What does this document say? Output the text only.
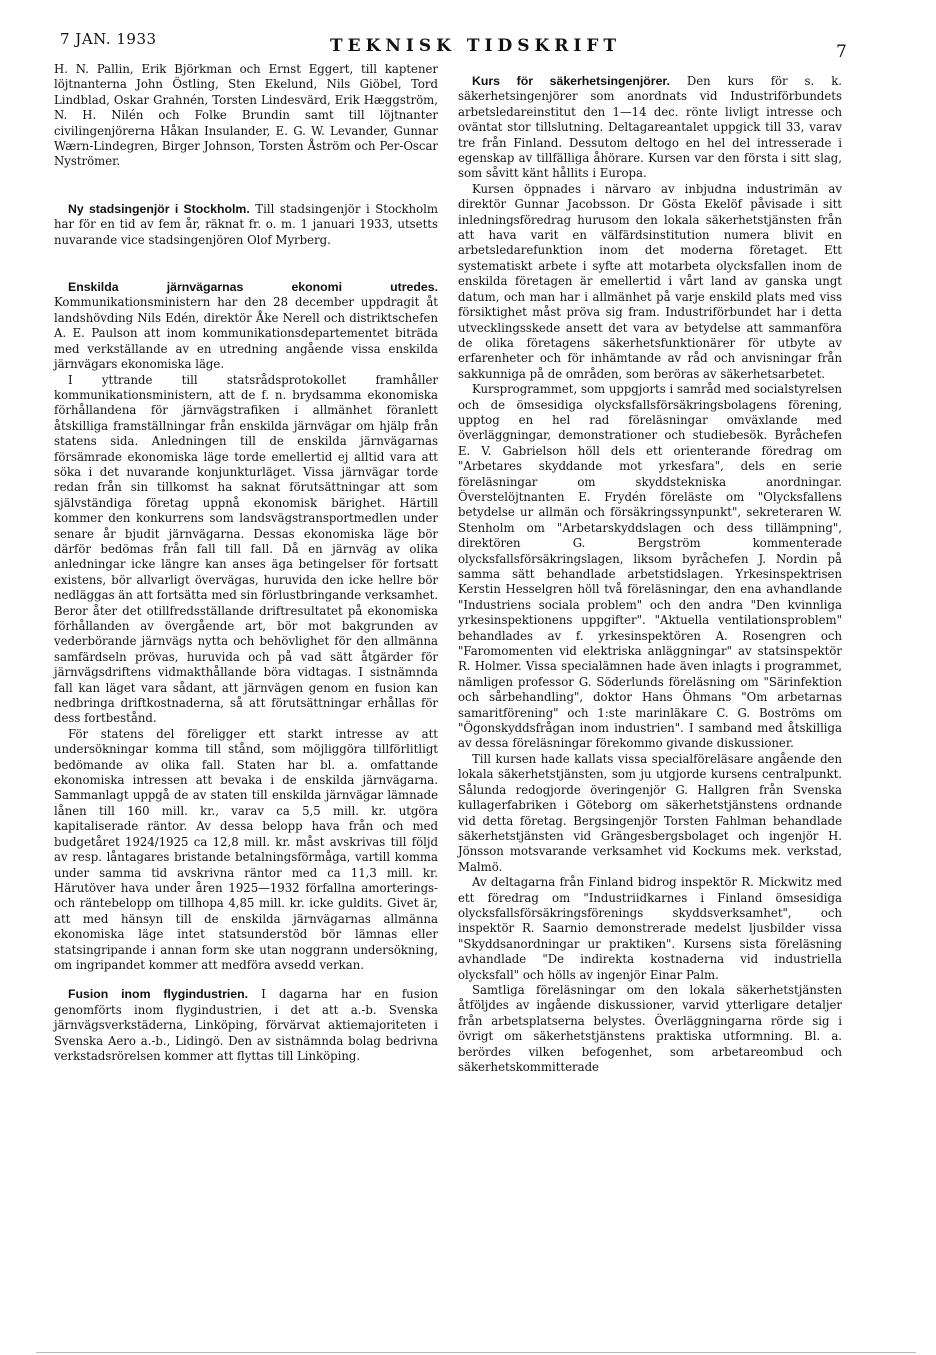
7 JAN. 1933	TEKNISK TIDSKRIFT	7

H. N. Pallin, Erik Björkman och Ernst Eggert, till kaptener löjtnanterna John Östling, Sten Ekelund, Nils Giöbel, Tord Lindblad, Oskar Grahnén, Torsten Lindesvärd, Erik Hæggström, N. H. Nilén och Folke Brundin samt till löjtnanter civilingenjörerna Håkan Insulander, E. G. W. Levander, Gunnar Wærn-Lindegren, Birger Johnson, Torsten Åström och Per-Oscar Nyströmer.

Ny stadsingenjör i Stockholm. Till stadsingenjör i Stockholm har för en tid av fem år, räknat fr. o. m. 1 januari 1933, utsetts nuvarande vice stadsingenjören Olof Myrberg.

Enskilda järnvägarnas ekonomi utredes. Kommunikationsministern har den 28 december uppdragit åt landshövding Nils Edén, direktör Åke Nerell och distriktschefen A. E. Paulson att inom kommunikationsdepartementet biträda med verkställande av en utredning angående vissa enskilda järnvägars ekonomiska läge.

I yttrande till statsrådsprotokollet framhåller kommunikationsministern, att de f. n. brydsamma ekonomiska förhållandena för järnvägstrafiken i allmänhet föranlett åtskilliga framställningar från enskilda järnvägar om hjälp från statens sida. Anledningen till de enskilda järnvägarnas försämrade ekonomiska läge torde emellertid ej alltid vara att söka i det nuvarande konjunkturläget. Vissa järnvägar torde redan från sin tillkomst ha saknat förutsättningar att som självständiga företag uppnå ekonomisk bärighet. Härtill kommer den konkurrens som landsvägstransportmedlen under senare år bjudit järnvägarna. Dessas ekonomiska läge bör därför bedömas från fall till fall. Då en järnväg av olika anledningar icke längre kan anses äga betingelser för fortsatt existens, bör allvarligt övervägas, huruvida den icke hellre bör nedläggas än att fortsätta med sin förlustbringande verksamhet. Beror åter det otillfredsställande driftresultatet på ekonomiska förhållanden av övergående art, bör mot bakgrunden av vederbörande järnvägs nytta och behövlighet för den allmänna samfärdseln prövas, huruvida och på vad sätt åtgärder för järnvägsdriftens vidmakthållande böra vidtagas. I sistnämnda fall kan läget vara sådant, att järnvägen genom en fusion kan nedbringa driftkostnaderna, så att förutsättningar erhållas för dess fortbestånd.

För statens del föreligger ett starkt intresse av att undersökningar komma till stånd, som möjliggöra tillförlitligt bedömande av olika fall. Staten har bl. a. omfattande ekonomiska intressen att bevaka i de enskilda järnvägarna. Sammanlagt uppgå de av staten till enskilda järnvägar lämnade lånen till 160 mill. kr., varav ca 5,5 mill. kr. utgöra kapitaliserade räntor. Av dessa belopp hava från och med budgetåret 1924/1925 ca 12,8 mill. kr. måst avskrivas till följd av resp. låntagares bristande betalningsförmåga, vartill komma under samma tid avskrivna räntor med ca 11,3 mill. kr. Härutöver hava under åren 1925—1932 förfallna amorterings- och räntebelopp om tillhopa 4,85 mill. kr. icke guldits. Givet är, att med hänsyn till de enskilda järnvägarnas allmänna ekonomiska läge intet statsunderstöd bör lämnas eller statsingripande i annan form ske utan noggrann undersökning, om ingripandet kommer att medföra avsedd verkan.

Fusion inom flygindustrien. I dagarna har en fusion genomförts inom flygindustrien, i det att a.-b. Svenska järnvägsverkstäderna, Linköping, förvärvat aktiemajoriteten i Svenska Aero a.-b., Lidingö. Den av sistnämnda bolag bedrivna verkstadsrörelsen kommer att flyttas till Linköping.

Kurs för säkerhetsingenjörer. Den kurs för s. k. säkerhetsingenjörer som anordnats vid Industriförbundets arbetsledareinstitut den 1—14 dec. rönte livligt intresse och oväntat stor tillslutning. Deltagareantalet uppgick till 33, varav tre från Finland. Dessutom deltogo en hel del intresserade i egenskap av tillfälliga åhörare. Kursen var den första i sitt slag, som såvitt känt hållits i Europa.

Kursen öppnades i närvaro av inbjudna industrimän av direktör Gunnar Jacobsson. Dr Gösta Ekelöf påvisade i sitt inledningsföredrag hurusom den lokala säkerhetstjänsten från att hava varit en välfärdsinstitution numera blivit en arbetsledarefunktion inom det moderna företaget. Ett systematiskt arbete i syfte att motarbeta olycksfallen inom de enskilda företagen är emellertid i vårt land av ganska ungt datum, och man har i allmänhet på varje enskild plats med viss försiktighet måst pröva sig fram. Industriförbundet har i detta utvecklingsskede ansett det vara av betydelse att sammanföra de olika företagens säkerhetsfunktionärer för utbyte av erfarenheter och för inhämtande av råd och anvisningar från sakkunniga på de områden, som beröras av säkerhetsarbetet.

Kursprogrammet, som uppgjorts i samråd med socialstyrelsen och de ömsesidiga olycksfallsförsäkringsbolagens förening, upptog en hel rad föreläsningar omväxlande med överläggningar, demonstrationer och studiebesök. Byråchefen E. V. Gabrielson höll dels ett orienterande föredrag om "Arbetares skyddande mot yrkesfara", dels en serie föreläsningar om skyddstekniska anordningar. Överstelöjtnanten E. Frydén föreläste om "Olycksfallens betydelse ur allmän och försäkringssynpunkt", sekreteraren W. Stenholm om "Arbetarskyddslagen och dess tillämpning", direktören G. Bergström kommenterade olycksfallsförsäkringslagen, liksom byråchefen J. Nordin på samma sätt behandlade arbetstidslagen. Yrkesinspektrisen Kerstin Hesselgren höll två föreläsningar, den ena avhandlande "Industriens sociala problem" och den andra "Den kvinnliga yrkesinspektionens uppgifter". "Aktuella ventilationsproblem" behandlades av f. yrkesinspektören A. Rosengren och "Faromomenten vid elektriska anläggningar" av statsinspektör R. Holmer. Vissa specialämnen hade även inlagts i programmet, nämligen professor G. Söderlunds föreläsning om "Särinfektion och sårbehandling", doktor Hans Öhmans "Om arbetarnas samaritförening" och 1:ste marinläkare C. G. Boströms om "Ögonskyddsfrågan inom industrien". I samband med åtskilliga av dessa föreläsningar förekommo givande diskussioner.

Till kursen hade kallats vissa specialföreläsare angående den lokala säkerhetstjänsten, som ju utgjorde kursens centralpunkt. Sålunda redogjorde överingenjör G. Hallgren från Svenska kullagerfabriken i Göteborg om säkerhetstjänstens ordnande vid detta företag. Bergsingenjör Torsten Fahlman behandlade säkerhetstjänsten vid Grängesbergsbolaget och ingenjör H. Jönsson motsvarande verksamhet vid Kockums mek. verkstad, Malmö.

Av deltagarna från Finland bidrog inspektör R. Mickwitz med ett föredrag om "Industriidkarnes i Finland ömsesidiga olycksfallsförsäkringsförenings skyddsverksamhet", och inspektör R. Saarnio demonstrerade medelst ljusbilder vissa "Skyddsanordningar ur praktiken". Kursens sista föreläsning avhandlade "De indirekta kostnaderna vid industriella olycksfall" och hölls av ingenjör Einar Palm.

Samtliga föreläsningar om den lokala säkerhetstjänsten åtföljdes av ingående diskussioner, varvid ytterligare detaljer från arbetsplatserna belystes. Överläggningarna rörde sig i övrigt om säkerhetstjänstens praktiska utformning. Bl. a. berördes vilken befogenhet, som arbetareombud och säkerhetskommitterade
